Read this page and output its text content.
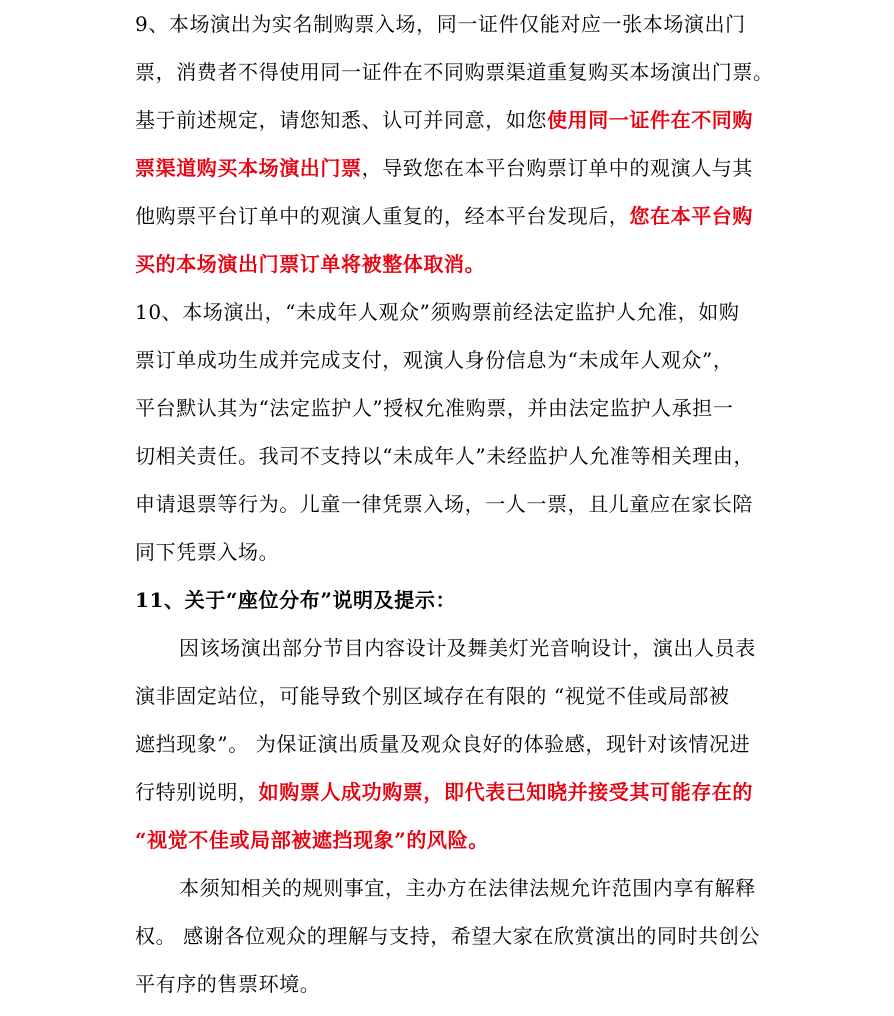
9、本场演出为实名制购票入场，同一证件仅能对应一张本场演出门
票，消费者不得使用同一证件在不同购票渠道重复购买本场演出门票。
基于前述规定，请您知悉、认可并同意，如您使用同一证件在不同购
票渠道购买本场演出门票，导致您在本平台购票订单中的观演人与其
他购票平台订单中的观演人重复的，经本平台发现后，您在本平台购
买的本场演出门票订单将被整体取消。
10、本场演出，“未成年人观众”须购票前经法定监护人允准，如购
票订单成功生成并完成支付，观演人身份信息为“未成年人观众”，
平台默认其为“法定监护人”授权允准购票，并由法定监护人承担一
切相关责任。我司不支持以“未成年人”未经监护人允准等相关理由，
申请退票等行为。儿童一律凭票入场，一人一票，且儿童应在家长陪
同下凭票入场。
11、关于“座位分布”说明及提示：
因该场演出部分节目内容设计及舞美灯光音响设计，演出人员表
演非固定站位，可能导致个别区域存在有限的 “视觉不佳或局部被
遮挡现象”。 为保证演出质量及观众良好的体验感，现针对该情况进
行特别说明，如购票人成功购票，即代表已知晓并接受其可能存在的
“视觉不佳或局部被遮挡现象”的风险。
本须知相关的规则事宜，主办方在法律法规允许范围内享有解释
权。 感谢各位观众的理解与支持，希望大家在欣赏演出的同时共创公
平有序的售票环境。
